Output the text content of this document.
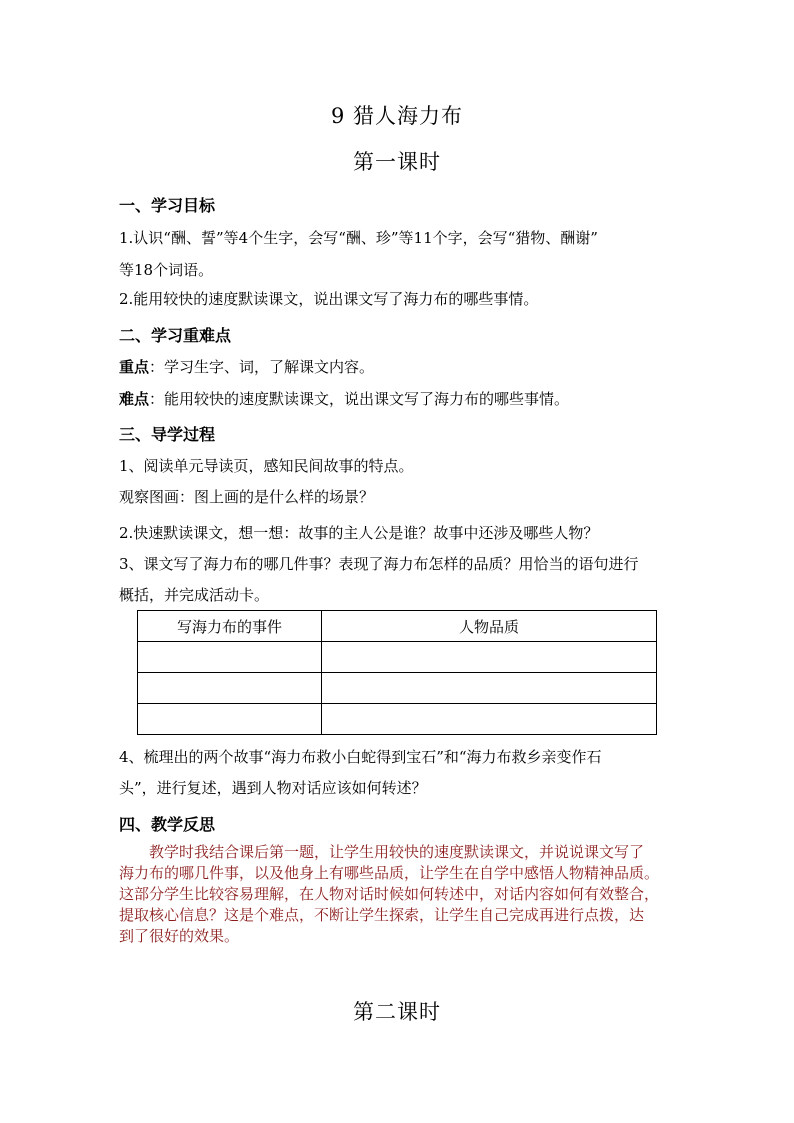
9 猎人海力布
第一课时
一、学习目标
1.认识“酬、誓”等4个生字，会写“酬、珍”等11个字，会写“猎物、酬谢”
等18个词语。
2.能用较快的速度默读课文，说出课文写了海力布的哪些事情。
二、学习重难点
重点：学习生字、词，了解课文内容。
难点：能用较快的速度默读课文，说出课文写了海力布的哪些事情。
三、导学过程
1、阅读单元导读页，感知民间故事的特点。
观察图画：图上画的是什么样的场景？
2.快速默读课文，想一想：故事的主人公是谁？故事中还涉及哪些人物？
3、课文写了海力布的哪几件事？表现了海力布怎样的品质？用恰当的语句进行
概括，并完成活动卡。
写海力布的事件	人物品质

4、梳理出的两个故事“海力布救小白蛇得到宝石”和“海力布救乡亲变作石
头”，进行复述，遇到人物对话应该如何转述？
四、教学反思
　　教学时我结合课后第一题，让学生用较快的速度默读课文，并说说课文写了
海力布的哪几件事，以及他身上有哪些品质，让学生在自学中感悟人物精神品质。
这部分学生比较容易理解，在人物对话时候如何转述中，对话内容如何有效整合，
提取核心信息？这是个难点，不断让学生探索，让学生自己完成再进行点拨，达
到了很好的效果。
第二课时
